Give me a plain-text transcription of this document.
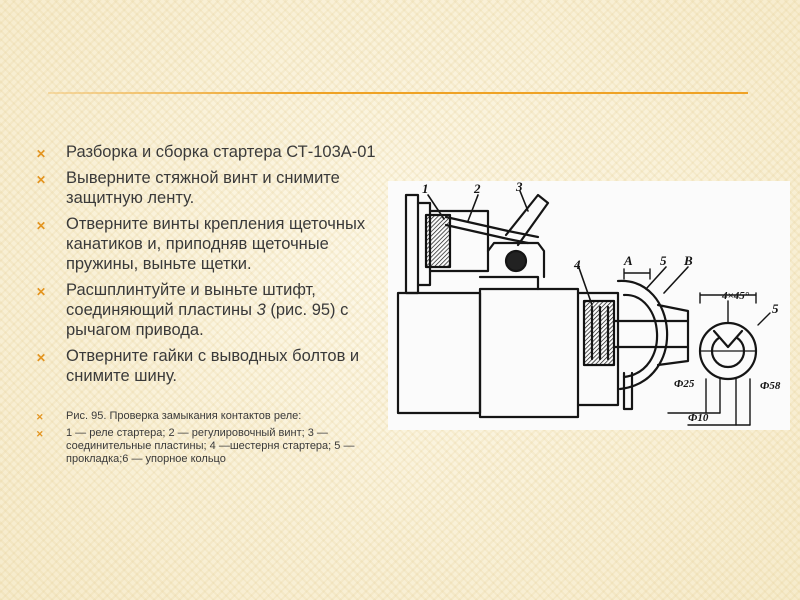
✕ Разборка и сборка стартера СТ-103А-01
✕ Выверните стяжной винт и снимите защитную ленту.
✕ Отверните винты крепления щеточных канатиков и, приподняв щеточные пружины, выньте щетки.
✕ Расшплинтуйте и выньте штифт, соединяющий пластины 3 (рис. 95) с рычагом привода.
✕ Отверните гайки с выводных болтов и снимите шину.
✕ Рис. 95. Проверка замыкания контактов реле:
✕ 1 — реле стартера; 2 — регулировочный винт; 3 — соединительные пластины; 4 —шестерня стартера; 5 — прокладка;6 — упорное кольцо
1	2	3
4	A 5 B
5
4×45°
Ф25	Ф58
Ф10
